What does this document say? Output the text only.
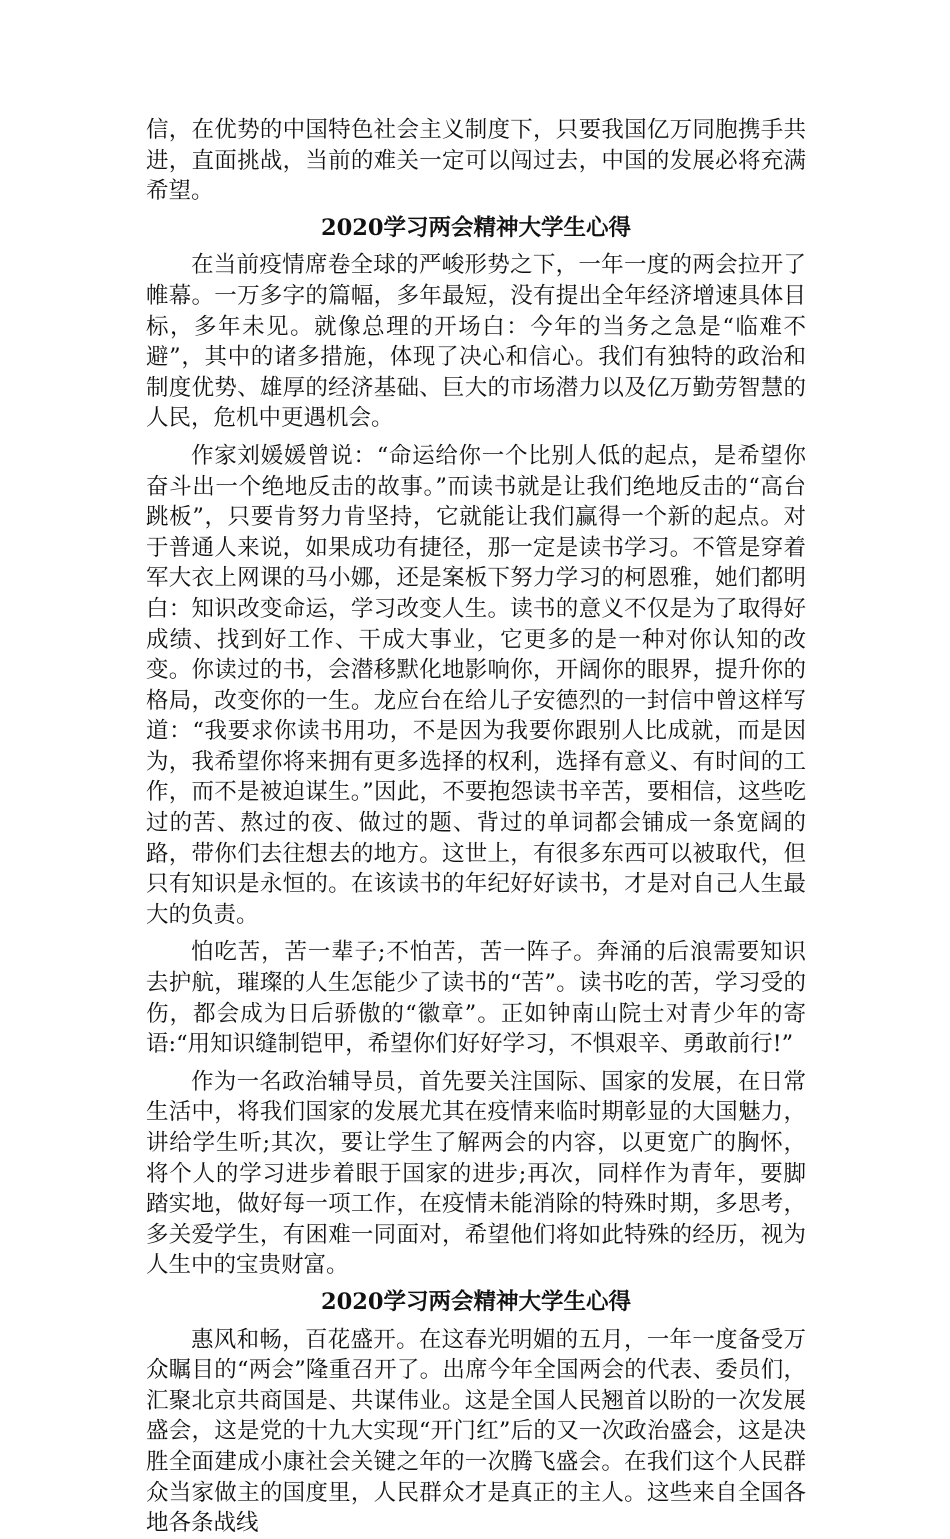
信，在优势的中国特色社会主义制度下，只要我国亿万同胞携手共进，直面挑战，当前的难关一定可以闯过去，中国的发展必将充满希望。

2020学习两会精神大学生心得

在当前疫情席卷全球的严峻形势之下，一年一度的两会拉开了帷幕。一万多字的篇幅，多年最短，没有提出全年经济增速具体目标，多年未见。就像总理的开场白：今年的当务之急是“临难不避”，其中的诸多措施，体现了决心和信心。我们有独特的政治和制度优势、雄厚的经济基础、巨大的市场潜力以及亿万勤劳智慧的人民，危机中更遇机会。

作家刘媛媛曾说：“命运给你一个比别人低的起点，是希望你奋斗出一个绝地反击的故事。”而读书就是让我们绝地反击的“高台跳板”，只要肯努力肯坚持，它就能让我们赢得一个新的起点。对于普通人来说，如果成功有捷径，那一定是读书学习。不管是穿着军大衣上网课的马小娜，还是案板下努力学习的柯恩雅，她们都明白：知识改变命运，学习改变人生。读书的意义不仅是为了取得好成绩、找到好工作、干成大事业，它更多的是一种对你认知的改变。你读过的书，会潜移默化地影响你，开阔你的眼界，提升你的格局，改变你的一生。龙应台在给儿子安德烈的一封信中曾这样写道：“我要求你读书用功，不是因为我要你跟别人比成就，而是因为，我希望你将来拥有更多选择的权利，选择有意义、有时间的工作，而不是被迫谋生。”因此，不要抱怨读书辛苦，要相信，这些吃过的苦、熬过的夜、做过的题、背过的单词都会铺成一条宽阔的路，带你们去往想去的地方。这世上，有很多东西可以被取代，但只有知识是永恒的。在该读书的年纪好好读书，才是对自己人生最大的负责。

怕吃苦，苦一辈子;不怕苦，苦一阵子。奔涌的后浪需要知识去护航，璀璨的人生怎能少了读书的“苦”。读书吃的苦，学习受的伤，都会成为日后骄傲的“徽章”。正如钟南山院士对青少年的寄语:“用知识缝制铠甲，希望你们好好学习，不惧艰辛、勇敢前行!”

作为一名政治辅导员，首先要关注国际、国家的发展，在日常生活中，将我们国家的发展尤其在疫情来临时期彰显的大国魅力，讲给学生听;其次，要让学生了解两会的内容，以更宽广的胸怀，将个人的学习进步着眼于国家的进步;再次，同样作为青年，要脚踏实地，做好每一项工作，在疫情未能消除的特殊时期，多思考，多关爱学生，有困难一同面对，希望他们将如此特殊的经历，视为人生中的宝贵财富。

2020学习两会精神大学生心得

惠风和畅，百花盛开。在这春光明媚的五月，一年一度备受万众瞩目的“两会”隆重召开了。出席今年全国两会的代表、委员们，汇聚北京共商国是、共谋伟业。这是全国人民翘首以盼的一次发展盛会，这是党的十九大实现“开门红”后的又一次政治盛会，这是决胜全面建成小康社会关键之年的一次腾飞盛会。在我们这个人民群众当家做主的国度里，人民群众才是真正的主人。这些来自全国各地各条战线
